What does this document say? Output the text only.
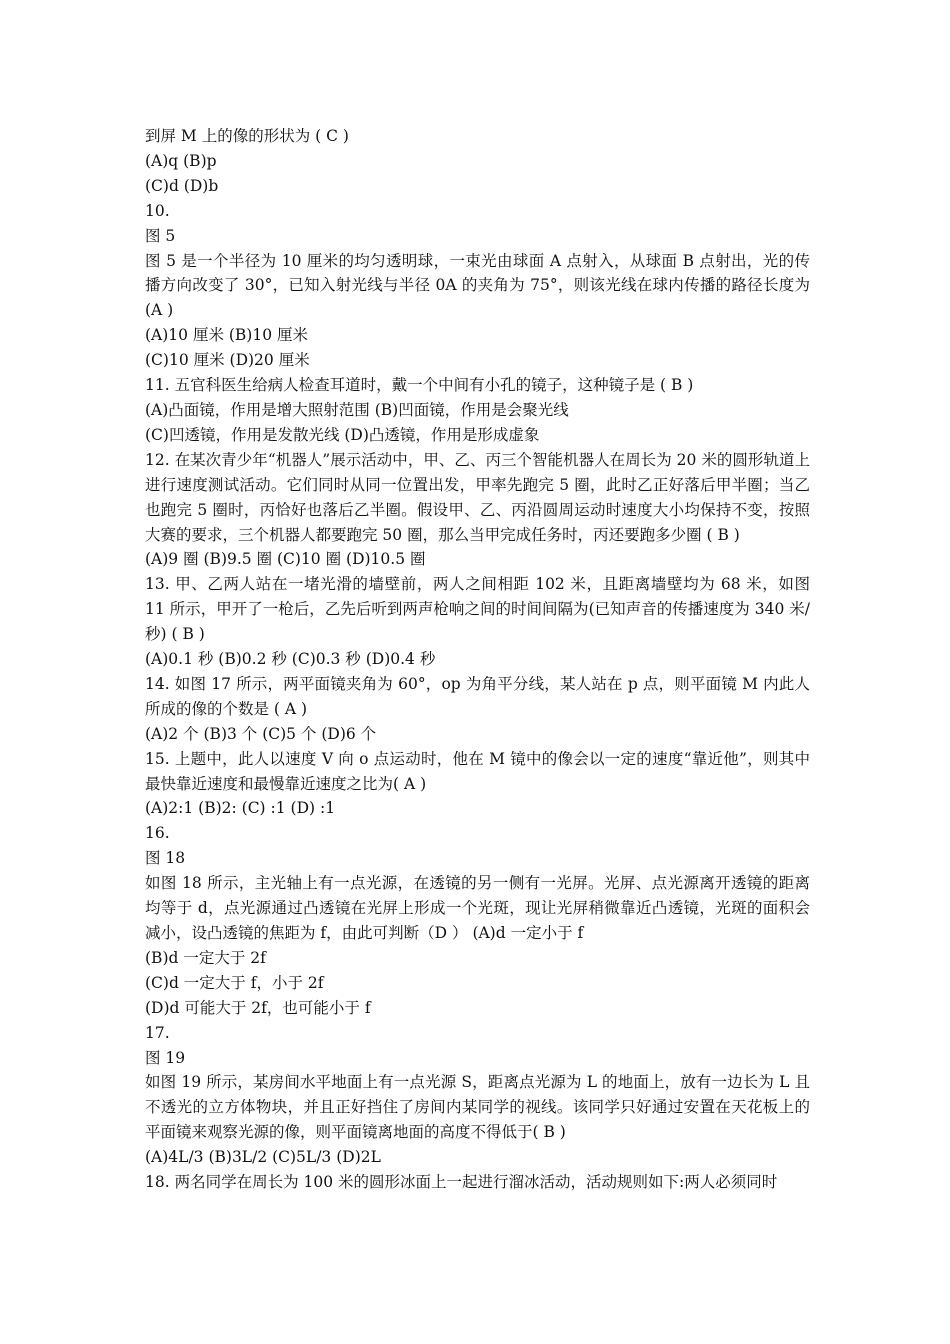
到屏 M 上的像的形状为 ( C )
(A)q (B)p
(C)d (D)b
10.
图 5
图 5 是一个半径为 10 厘米的均匀透明球，一束光由球面 A 点射入，从球面 B 点射出，光的传播方向改变了 30°，已知入射光线与半径 0A 的夹角为 75°，则该光线在球内传播的路径长度为 (A )
(A)10 厘米 (B)10 厘米
(C)10 厘米 (D)20 厘米
11. 五官科医生给病人检查耳道时，戴一个中间有小孔的镜子，这种镜子是 ( B )
(A)凸面镜，作用是增大照射范围 (B)凹面镜，作用是会聚光线
(C)凹透镜，作用是发散光线 (D)凸透镜，作用是形成虚象
12. 在某次青少年“机器人”展示活动中，甲、乙、丙三个智能机器人在周长为 20 米的圆形轨道上进行速度测试活动。它们同时从同一位置出发，甲率先跑完 5 圈，此时乙正好落后甲半圈；当乙也跑完 5 圈时，丙恰好也落后乙半圈。假设甲、乙、丙沿圆周运动时速度大小均保持不变，按照大赛的要求，三个机器人都要跑完 50 圈，那么当甲完成任务时，丙还要跑多少圈 ( B )
(A)9 圈 (B)9.5 圈 (C)10 圈 (D)10.5 圈
13. 甲、乙两人站在一堵光滑的墙壁前，两人之间相距 102 米，且距离墙壁均为 68 米，如图 11 所示，甲开了一枪后，乙先后听到两声枪响之间的时间间隔为(已知声音的传播速度为 340 米/秒) ( B )
(A)0.1 秒 (B)0.2 秒 (C)0.3 秒 (D)0.4 秒
14. 如图 17 所示，两平面镜夹角为 60°，op 为角平分线，某人站在 p 点，则平面镜 M 内此人所成的像的个数是 ( A )
(A)2 个 (B)3 个 (C)5 个 (D)6 个
15. 上题中，此人以速度 V 向 o 点运动时，他在 M 镜中的像会以一定的速度“靠近他”，则其中最快靠近速度和最慢靠近速度之比为( A )
(A)2:1 (B)2: (C) :1 (D) :1
16.
图 18
如图 18 所示，主光轴上有一点光源，在透镜的另一侧有一光屏。光屏、点光源离开透镜的距离均等于 d，点光源通过凸透镜在光屏上形成一个光斑，现让光屏稍微靠近凸透镜，光斑的面积会减小，设凸透镜的焦距为 f，由此可判断（D ） (A)d 一定小于 f
(B)d 一定大于 2f
(C)d 一定大于 f，小于 2f
(D)d 可能大于 2f，也可能小于 f
17.
图 19
如图 19 所示，某房间水平地面上有一点光源 S，距离点光源为 L 的地面上，放有一边长为 L 且不透光的立方体物块，并且正好挡住了房间内某同学的视线。该同学只好通过安置在天花板上的平面镜来观察光源的像，则平面镜离地面的高度不得低于( B )
(A)4L/3 (B)3L/2 (C)5L/3 (D)2L
18. 两名同学在周长为 100 米的圆形冰面上一起进行溜冰活动，活动规则如下:两人必须同时
